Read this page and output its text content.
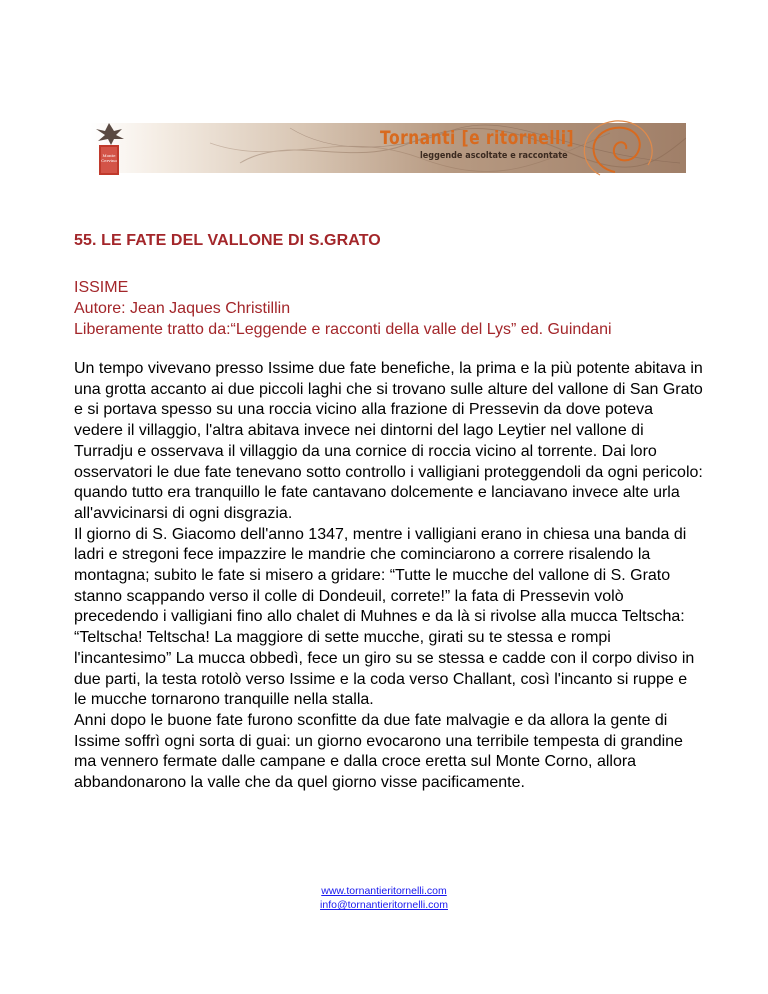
Monte
Cervino
Tornanti [e ritornelli]
leggende ascoltate e raccontate
55. LE FATE DEL VALLONE DI S.GRATO
ISSIME
Autore: Jean Jaques Christillin
Liberamente tratto da:“Leggende e racconti della valle del Lys” ed. Guindani

Un tempo vivevano presso Issime due fate benefiche, la prima e la più potente abitava in una grotta accanto ai due piccoli laghi che si trovano sulle alture del vallone di San Grato e si portava spesso su una roccia vicino alla frazione di Pressevin da dove poteva vedere il villaggio, l'altra abitava invece nei dintorni del lago Leytier nel vallone di Turradju e osservava il villaggio da una cornice di roccia vicino al torrente. Dai loro osservatori le due fate tenevano sotto controllo i valligiani proteggendoli da ogni pericolo: quando tutto era tranquillo le fate cantavano dolcemente e lanciavano invece alte urla all'avvicinarsi di ogni disgrazia.

Il giorno di S. Giacomo dell'anno 1347, mentre i valligiani erano in chiesa una banda di ladri e stregoni fece impazzire le mandrie che cominciarono a correre risalendo la montagna; subito le fate si misero a gridare: “Tutte le mucche del vallone di S. Grato stanno scappando verso il colle di Dondeuil, correte!” la fata di Pressevin volò precedendo i valligiani fino allo chalet di Muhnes e da là si rivolse alla mucca Teltscha: “Teltscha! Teltscha! La maggiore di sette mucche, girati su te stessa e rompi l'incantesimo” La mucca obbedì, fece un giro su se stessa e cadde con il corpo diviso in due parti, la testa rotolò verso Issime e la coda verso Challant, così l'incanto si ruppe e le mucche tornarono tranquille nella stalla.

Anni dopo le buone fate furono sconfitte da due fate malvagie e da allora la gente di Issime soffrì ogni sorta di guai: un giorno evocarono una terribile tempesta di grandine ma vennero fermate dalle campane e dalla croce eretta sul Monte Corno, allora abbandonarono la valle che da quel giorno visse pacificamente.

www.tornantieritornelli.com
info@tornantieritornelli.com
